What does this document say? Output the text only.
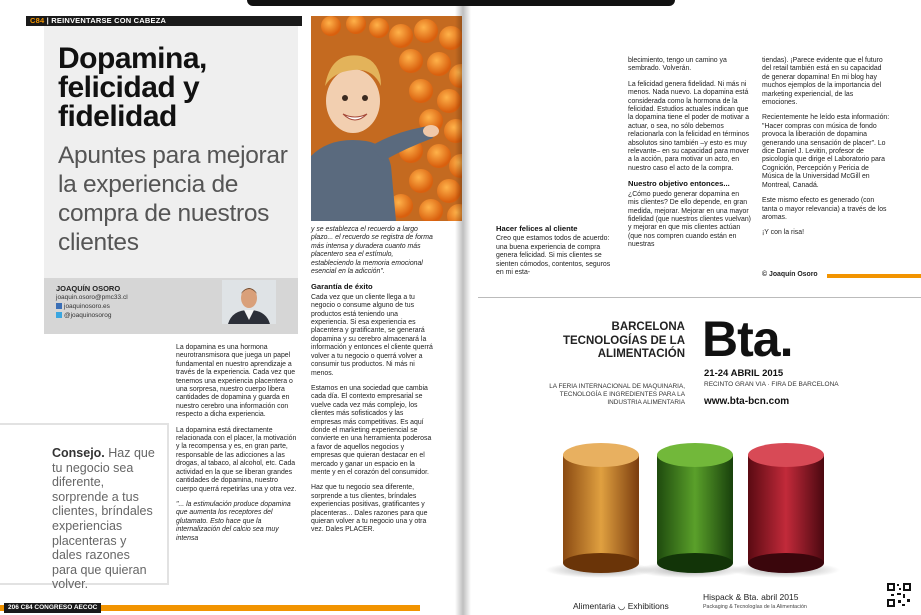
C84 | REINVENTARSE CON CABEZA
Dopamina, felicidad y fidelidad
Apuntes para mejorar la experiencia de compra de nuestros clientes
JOAQUÍN OSORO
joaquin.osoro@pmc33.cl
joaquinosoro.es
@joaquinosorog

La dopamina es una hormona neurotransmisora que juega un papel fundamental en nuestro aprendizaje a través de la experiencia. Cada vez que tenemos una experiencia placentera o una sorpresa, nuestro cuerpo libera cantidades de dopamina y guarda en nuestro cerebro una información con respecto a dicha experiencia.

La dopamina está directamente relacionada con el placer, la motivación y la recompensa y es, en gran parte, responsable de las adicciones a las drogas, al tabaco, al alcohol, etc. Cada actividad en la que se liberan grandes cantidades de dopamina, nuestro cuerpo querrá repetirlas una y otra vez.

"... la estimulación produce dopamina que aumenta los receptores del glutamato. Esto hace que la internalización del calcio sea muy intensa

y se establezca el recuerdo a largo plazo... el recuerdo se registra de forma más intensa y duradera cuanto más placentero sea el estímulo, estableciendo la memoria emocional esencial en la adicción".

Garantía de éxito

Cada vez que un cliente llega a tu negocio o consume alguno de tus productos está teniendo una experiencia. Si esa experiencia es placentera y gratificante, se generará dopamina y su cerebro almacenará la información y entonces el cliente querrá volver a tu negocio o querrá volver a consumir tus productos. Ni más ni menos.

Estamos en una sociedad que cambia cada día. El contexto empresarial se vuelve cada vez más complejo, los clientes más sofisticados y las empresas más competitivas. Es aquí donde el marketing experiencial se convierte en una herramienta poderosa a favor de aquellos negocios y empresas que quieran destacar en el mercado y ganar un espacio en la mente y en el corazón del consumidor.

Haz que tu negocio sea diferente, sorprende a tus clientes, bríndales experiencias positivas, gratificantes y placenteras... Dales razones para que quieran volver a tu negocio una y otra vez. Dales PLACER.

Consejo. Haz que tu negocio sea diferente, sorprende a tus clientes, bríndales experiencias placenteras y dales razones para que quieran volver.
206 C84 CONGRESO AECOC
Hacer felices al cliente

Creo que estamos todos de acuerdo: una buena experiencia de compra genera felicidad. Si mis clientes se sienten cómodos, contentos, seguros en mi esta-

blecimiento, tengo un camino ya sembrado. Volverán.

La felicidad genera fidelidad. Ni más ni menos. Nada nuevo. La dopamina está considerada como la hormona de la felicidad. Estudios actuales indican que la dopamina tiene el poder de motivar a actuar, o sea, no sólo debemos relacionarla con la felicidad en términos absolutos sino también –y esto es muy relevante– en su capacidad para mover a la acción, para motivar un acto, en nuestro caso el acto de la compra.

Nuestro objetivo entonces...

¿Cómo puedo generar dopamina en mis clientes? De ello depende, en gran medida, mejorar. Mejorar en una mayor fidelidad (que nuestros clientes vuelvan) y mejorar en que mis clientes actúan (que nos compren cuando están en nuestras

tiendas). ¡Parece evidente que el futuro del retail también está en su capacidad de generar dopamina! En mi blog hay muchos ejemplos de la importancia del marketing experiencial, de las emociones.

Recientemente he leído esta información: "Hacer compras con música de fondo provoca la liberación de dopamina generando una sensación de placer". Lo dice Daniel J. Levitin, profesor de psicología que dirige el Laboratorio para Cognición, Percepción y Pericia de Música de la Universidad McGill en Montreal, Canadá.

Este mismo efecto es generado (con tanta o mayor relevancia) a través de los aromas.

¡Y con la risa!

© Joaquín Osoro
BARCELONA TECNOLOGÍAS DE LA ALIMENTACIÓN Bta.
21-24 ABRIL 2015
RECINTO GRAN VIA · FIRA DE BARCELONA
LA FERIA INTERNACIONAL DE MAQUINARIA, TECNOLOGÍA E INGREDIENTES PARA LA INDUSTRIA ALIMENTARIA www.bta-bcn.com
Alimentaria ◡ Exhibitions
Hispack & Bta. abril 2015
Packaging & Tecnologías de la Alimentación
